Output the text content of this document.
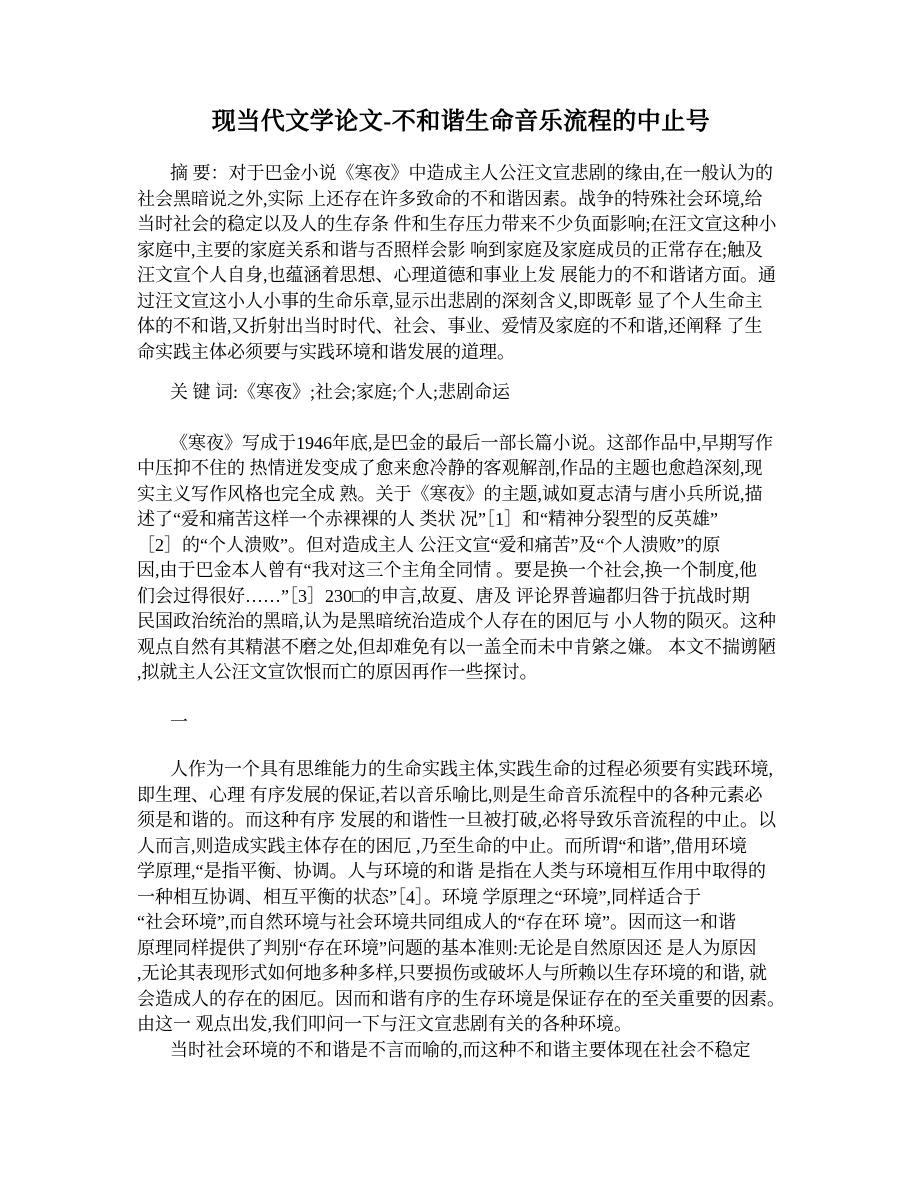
现当代文学论文-不和谐生命音乐流程的中止号
摘 要：对于巴金小说《寒夜》中造成主人公汪文宣悲剧的缘由,在一般认为的
社会黑暗说之外,实际 上还存在许多致命的不和谐因素。战争的特殊社会环境,给
当时社会的稳定以及人的生存条 件和生存压力带来不少负面影响;在汪文宣这种小
家庭中,主要的家庭关系和谐与否照样会影 响到家庭及家庭成员的正常存在;触及
汪文宣个人自身,也蕴涵着思想、心理道德和事业上发 展能力的不和谐诸方面。通
过汪文宣这小人小事的生命乐章,显示出悲剧的深刻含义,即既彰 显了个人生命主
体的不和谐,又折射出当时时代、社会、事业、爱情及家庭的不和谐,还阐释 了生
命实践主体必须要与实践环境和谐发展的道理。
关 键 词:《寒夜》;社会;家庭;个人;悲剧命运
《寒夜》写成于1946年底,是巴金的最后一部长篇小说。这部作品中,早期写作
中压抑不住的 热情迸发变成了愈来愈冷静的客观解剖,作品的主题也愈趋深刻,现
实主义写作风格也完全成 熟。关于《寒夜》的主题,诚如夏志清与唐小兵所说,描
述了“爱和痛苦这样一个赤裸裸的人 类状 况”［1］和“精神分裂型的反英雄”
［2］的“个人溃败”。但对造成主人 公汪文宣“爱和痛苦”及“个人溃败”的原
因,由于巴金本人曾有“我对这三个主角全同情 。要是换一个社会,换一个制度,他
们会过得很好……”［3］230□的申言,故夏、唐及 评论界普遍都归咎于抗战时期
民国政治统治的黑暗,认为是黑暗统治造成个人存在的困厄与 小人物的陨灭。这种
观点自然有其精湛不磨之处,但却难免有以一盖全而未中肯綮之嫌。 本文不揣谫陋
,拟就主人公汪文宣饮恨而亡的原因再作一些探讨。
一
人作为一个具有思维能力的生命实践主体,实践生命的过程必须要有实践环境,
即生理、心理 有序发展的保证,若以音乐喻比,则是生命音乐流程中的各种元素必
须是和谐的。而这种有序 发展的和谐性一旦被打破,必将导致乐音流程的中止。以
人而言,则造成实践主体存在的困厄 ,乃至生命的中止。而所谓“和谐”,借用环境
学原理,“是指平衡、协调。人与环境的和谐 是指在人类与环境相互作用中取得的
一种相互协调、相互平衡的状态”［4］。环境 学原理之“环境”,同样适合于
“社会环境”,而自然环境与社会环境共同组成人的“存在环 境”。因而这一和谐
原理同样提供了判别“存在环境”问题的基本准则:无论是自然原因还 是人为原因
,无论其表现形式如何地多种多样,只要损伤或破坏人与所赖以生存环境的和谐, 就
会造成人的存在的困厄。因而和谐有序的生存环境是保证存在的至关重要的因素。
由这一 观点出发,我们叩问一下与汪文宣悲剧有关的各种环境。
当时社会环境的不和谐是不言而喻的,而这种不和谐主要体现在社会不稳定
